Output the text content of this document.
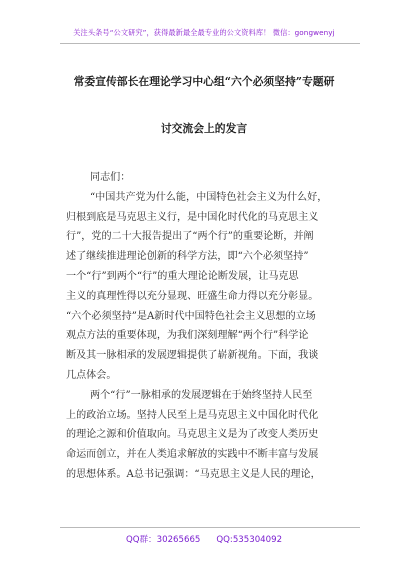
关注头条号“公文研究”，获得最新最全最专业的公文资料库！ 微信：gongwenyj
常委宣传部长在理论学习中心组“六个必须坚持”专题研
讨交流会上的发言
同志们：
“中国共产党为什么能，中国特色社会主义为什么好，
归根到底是马克思主义行，是中国化时代化的马克思主义
行”，党的二十大报告提出了“两个行”的重要论断，并阐
述了继续推进理论创新的科学方法，即“六个必须坚持”
一个“行”到两个“行”的重大理论论断发展，让马克思
主义的真理性得以充分显现、旺盛生命力得以充分彰显。
“六个必须坚持”是A新时代中国特色社会主义思想的立场
观点方法的重要体现，为我们深刻理解“两个行”科学论
断及其一脉相承的发展逻辑提供了崭新视角。下面，我谈
几点体会。
两个“行”一脉相承的发展逻辑在于始终坚持人民至
上的政治立场。坚持人民至上是马克思主义中国化时代化
的理论之源和价值取向。马克思主义是为了改变人类历史
命运而创立，并在人类追求解放的实践中不断丰富与发展
的思想体系。A总书记强调：“马克思主义是人民的理论，
QQ群：30265665 QQ:535304092
